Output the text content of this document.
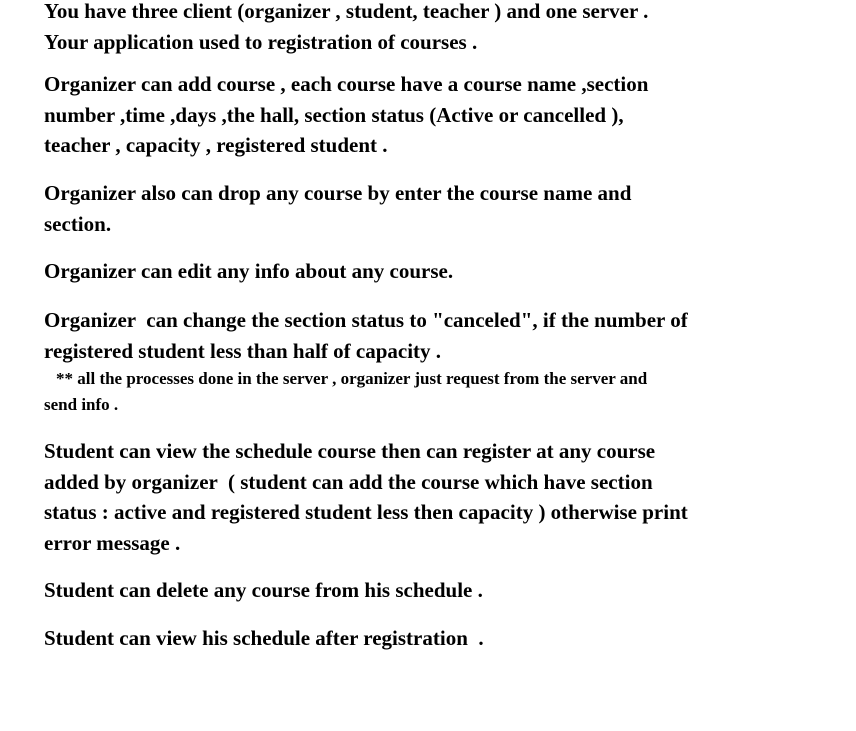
You have three client (organizer , student, teacher ) and one server .
Your application used to registration of courses .

Organizer can add course , each course have a course name ,section
number ,time ,days ,the hall, section status (Active or cancelled ),
teacher , capacity , registered student .

Organizer also can drop any course by enter the course name and
section.

Organizer can edit any info about any course.

Organizer  can change the section status to "canceled", if the number of
registered student less than half of capacity .

** all the processes done in the server , organizer just request from the server and
send info .

Student can view the schedule course then can register at any course
added by organizer  ( student can add the course which have section
status : active and registered student less then capacity ) otherwise print
error message .

Student can delete any course from his schedule .

Student can view his schedule after registration  .
